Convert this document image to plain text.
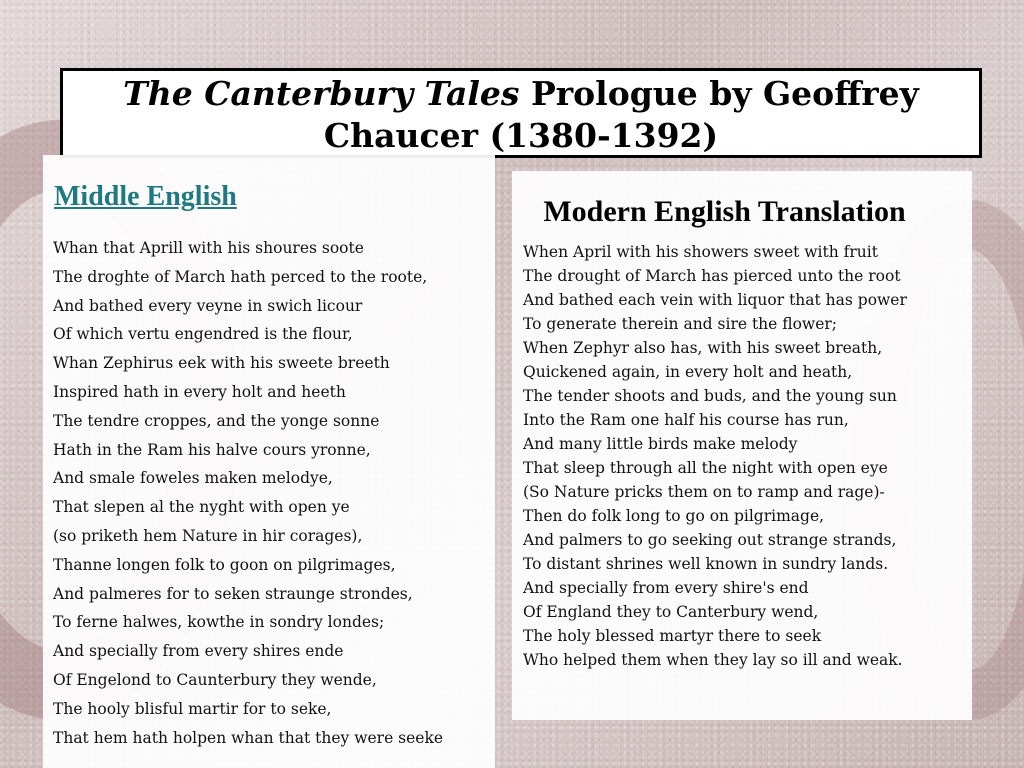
The Canterbury Tales Prologue by Geoffrey Chaucer (1380-1392)
Middle English
Whan that Aprill with his shoures soote
The droghte of March hath perced to the roote,
And bathed every veyne in swich licour
Of which vertu engendred is the flour,
Whan Zephirus eek with his sweete breeth
Inspired hath in every holt and heeth
The tendre croppes, and the yonge sonne
Hath in the Ram his halve cours yronne,
And smale foweles maken melodye,
That slepen al the nyght with open ye
(so priketh hem Nature in hir corages),
Thanne longen folk to goon on pilgrimages,
And palmeres for to seken straunge strondes,
To ferne halwes, kowthe in sondry londes;
And specially from every shires ende
Of Engelond to Caunterbury they wende,
The hooly blisful martir for to seke,
That hem hath holpen whan that they were seeke
Modern English Translation
When April with his showers sweet with fruit
The drought of March has pierced unto the root
And bathed each vein with liquor that has power
To generate therein and sire the flower;
When Zephyr also has, with his sweet breath,
Quickened again, in every holt and heath,
The tender shoots and buds, and the young sun
Into the Ram one half his course has run,
And many little birds make melody
That sleep through all the night with open eye
(So Nature pricks them on to ramp and rage)-
Then do folk long to go on pilgrimage,
And palmers to go seeking out strange strands,
To distant shrines well known in sundry lands.
And specially from every shire's end
Of England they to Canterbury wend,
The holy blessed martyr there to seek
Who helped them when they lay so ill and weak.
